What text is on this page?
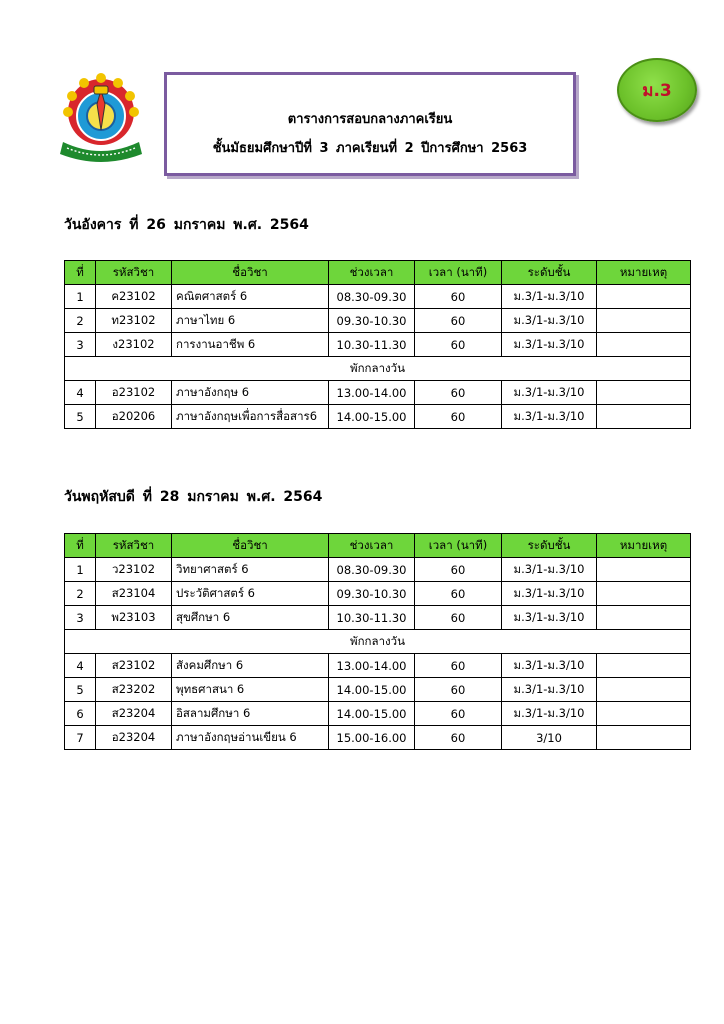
ตารางการสอบกลางภาคเรียน
ชั้นมัธยมศึกษาปีที่ 3 ภาคเรียนที่ 2 ปีการศึกษา 2563
ม.3
วันอังคาร ที่ 26 มกราคม พ.ศ. 2564
ที่	รหัสวิชา	ชื่อวิชา	ช่วงเวลา	เวลา (นาที)	ระดับชั้น	หมายเหตุ
1	ค23102	คณิตศาสตร์ 6	08.30-09.30	60	ม.3/1-ม.3/10	
2	ท23102	ภาษาไทย 6	09.30-10.30	60	ม.3/1-ม.3/10	
3	ง23102	การงานอาชีพ 6	10.30-11.30	60	ม.3/1-ม.3/10	
พักกลางวัน						
4	อ23102	ภาษาอังกฤษ 6	13.00-14.00	60	ม.3/1-ม.3/10	
5	อ20206	ภาษาอังกฤษเพื่อการสื่อสาร6	14.00-15.00	60	ม.3/1-ม.3/10	
วันพฤหัสบดี ที่ 28 มกราคม พ.ศ. 2564
ที่	รหัสวิชา	ชื่อวิชา	ช่วงเวลา	เวลา (นาที)	ระดับชั้น	หมายเหตุ
1	ว23102	วิทยาศาสตร์ 6	08.30-09.30	60	ม.3/1-ม.3/10	
2	ส23104	ประวัติศาสตร์ 6	09.30-10.30	60	ม.3/1-ม.3/10	
3	พ23103	สุขศึกษา 6	10.30-11.30	60	ม.3/1-ม.3/10	
พักกลางวัน						
4	ส23102	สังคมศึกษา 6	13.00-14.00	60	ม.3/1-ม.3/10	
5	ส23202	พุทธศาสนา 6	14.00-15.00	60	ม.3/1-ม.3/10	
6	ส23204	อิสลามศึกษา 6	14.00-15.00	60	ม.3/1-ม.3/10	
7	อ23204	ภาษาอังกฤษอ่านเขียน 6	15.00-16.00	60	3/10	
